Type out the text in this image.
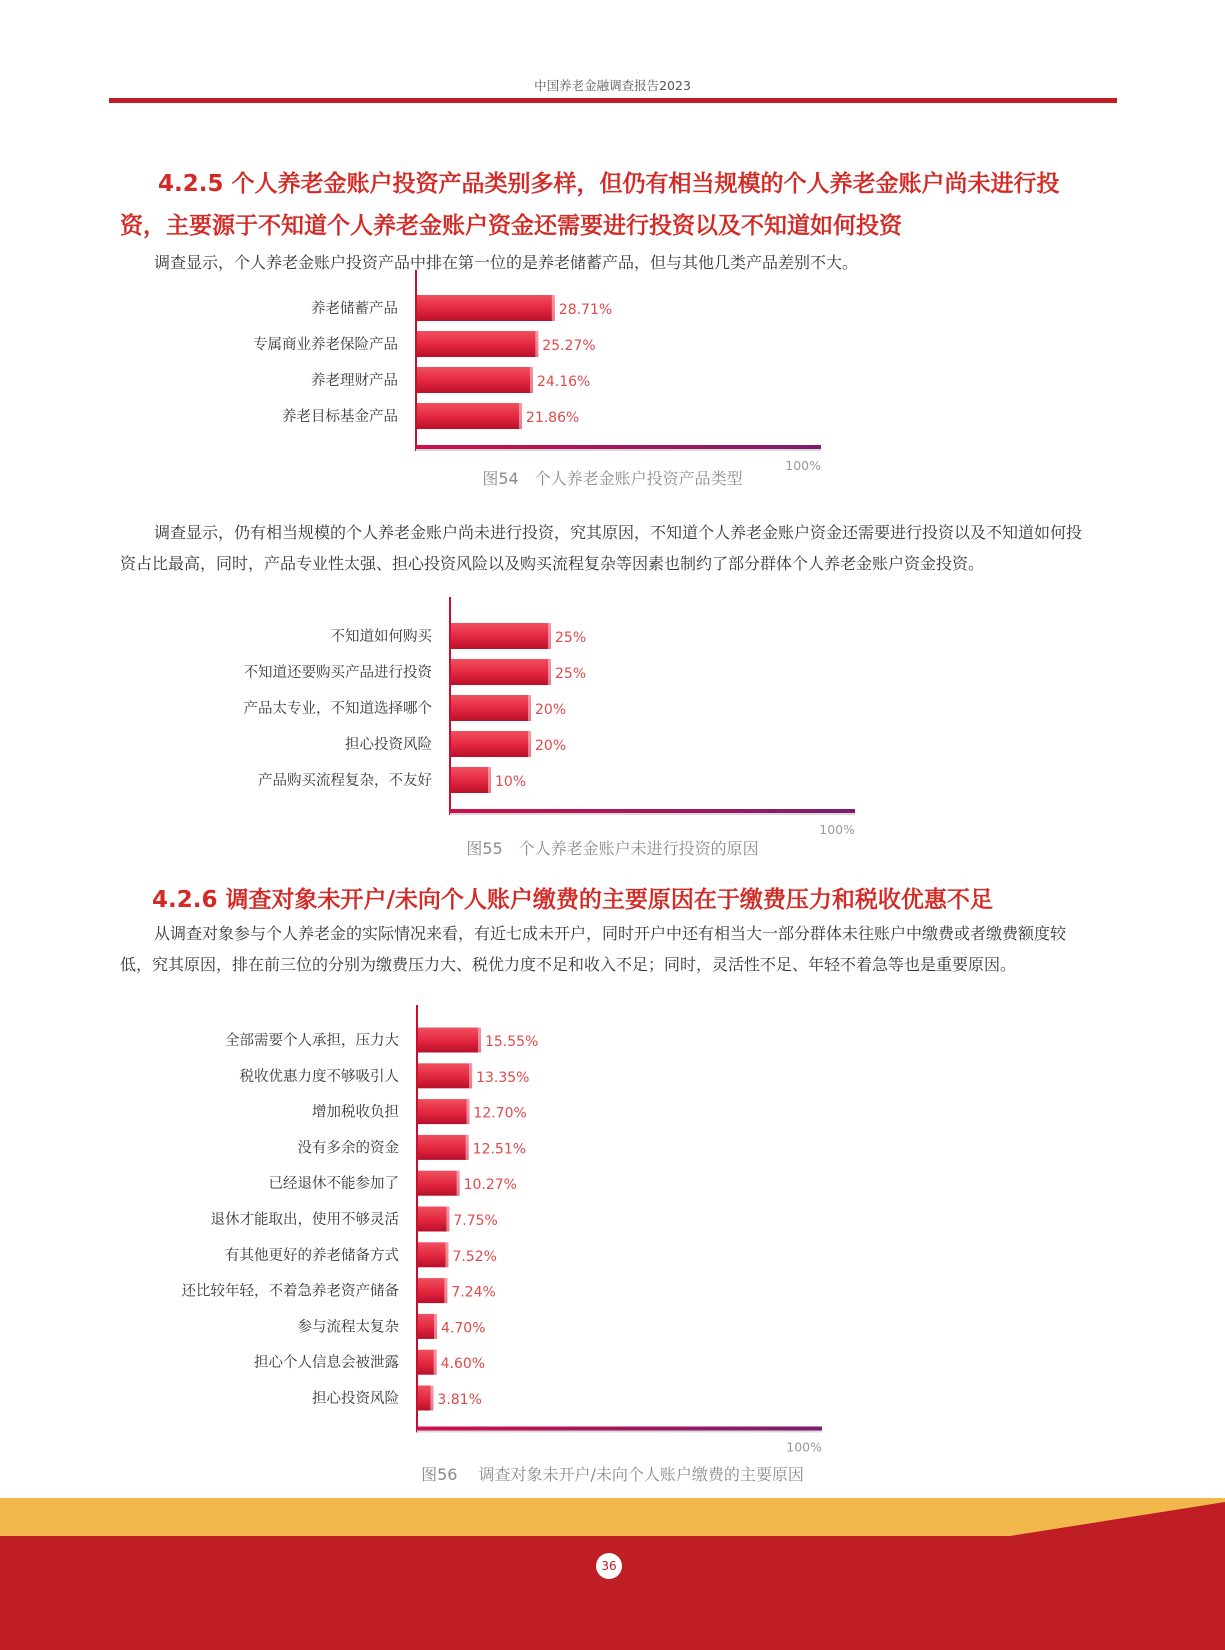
中国养老金融调查报告2023
4.2.5 个人养老金账户投资产品类别多样，但仍有相当规模的个人养老金账户尚未进行投
资，主要源于不知道个人养老金账户资金还需要进行投资以及不知道如何投资
调查显示，个人养老金账户投资产品中排在第一位的是养老储蓄产品，但与其他几类产品差别不大。
养老储蓄产品	28.71%
专属商业养老保险产品	25.27%
养老理财产品	24.16%
养老目标基金产品	21.86%
100%
图54　个人养老金账户投资产品类型
调查显示，仍有相当规模的个人养老金账户尚未进行投资，究其原因，不知道个人养老金账户资金还需要进行投资以及不知道如何投资占比最高，同时，产品专业性太强、担心投资风险以及购买流程复杂等因素也制约了部分群体个人养老金账户资金投资。
不知道如何购买	25%
不知道还要购买产品进行投资	25%
产品太专业，不知道选择哪个	20%
担心投资风险	20%
产品购买流程复杂，不友好	10%
100%
图55　个人养老金账户未进行投资的原因
4.2.6 调查对象未开户/未向个人账户缴费的主要原因在于缴费压力和税收优惠不足
从调查对象参与个人养老金的实际情况来看，有近七成未开户，同时开户中还有相当大一部分群体未往账户中缴费或者缴费额度较低，究其原因，排在前三位的分别为缴费压力大、税优力度不足和收入不足；同时，灵活性不足、年轻不着急等也是重要原因。
全部需要个人承担，压力大	15.55%
税收优惠力度不够吸引人	13.35%
增加税收负担	12.70%
没有多余的资金	12.51%
已经退休不能参加了	10.27%
退休才能取出，使用不够灵活	7.75%
有其他更好的养老储备方式	7.52%
还比较年轻，不着急养老资产储备	7.24%
参与流程太复杂	4.70%
担心个人信息会被泄露	4.60%
担心投资风险	3.81%
100%
图56　 调查对象未开户/未向个人账户缴费的主要原因
36
